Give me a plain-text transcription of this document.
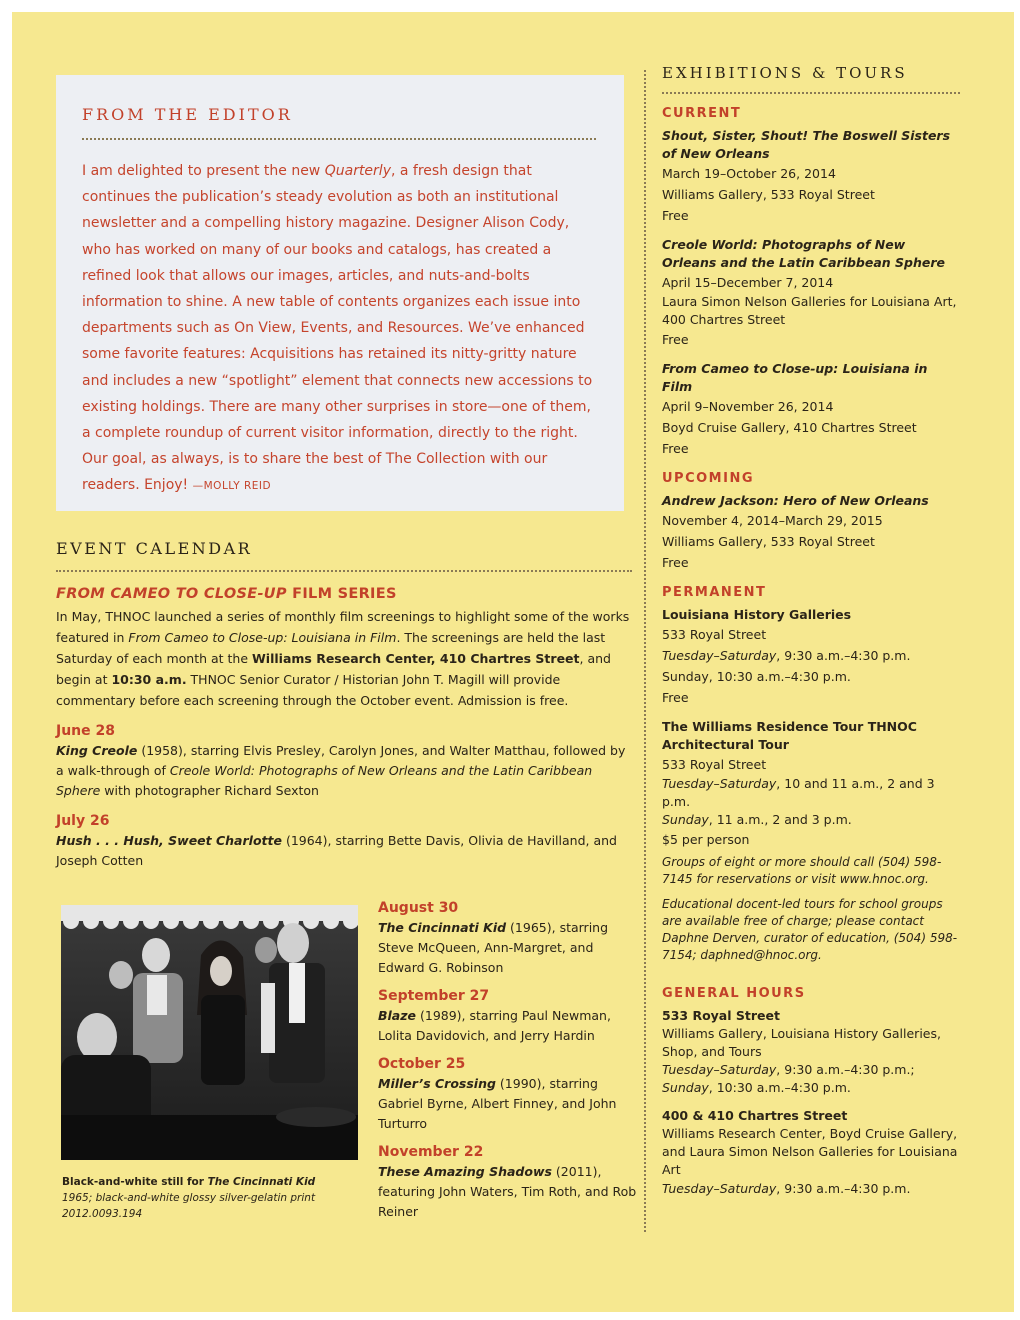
FROM THE EDITOR

I am delighted to present the new Quarterly, a fresh design that continues the publication’s steady evolution as both an institutional newsletter and a compelling history magazine. Designer Alison Cody, who has worked on many of our books and catalogs, has created a refined look that allows our images, articles, and nuts-and-bolts information to shine. A new table of contents organizes each issue into departments such as On View, Events, and Resources. We’ve enhanced some favorite features: Acquisitions has retained its nitty-gritty nature and includes a new “spotlight” element that connects new accessions to existing holdings. There are many other surprises in store—one of them, a complete roundup of current visitor information, directly to the right. Our goal, as always, is to share the best of The Collection with our readers. Enjoy! —MOLLY REID

EVENT CALENDAR
FROM CAMEO TO CLOSE-UP FILM SERIES

In May, THNOC launched a series of monthly film screenings to highlight some of the works featured in From Cameo to Close-up: Louisiana in Film. The screenings are held the last Saturday of each month at the Williams Research Center, 410 Chartres Street, and begin at 10:30 a.m. THNOC Senior Curator / Historian John T. Magill will provide commentary before each screening through the October event. Admission is free.

June 28

King Creole (1958), starring Elvis Presley, Carolyn Jones, and Walter Matthau, followed by a walk-through of Creole World: Photographs of New Orleans and the Latin Caribbean Sphere with photographer Richard Sexton

July 26

Hush . . . Hush, Sweet Charlotte (1964), starring Bette Davis, Olivia de Havilland, and Joseph Cotten

Black-and-white still for The Cincinnati Kid
1965; black-and-white glossy silver-gelatin print
2012.0093.194
August 30

The Cincinnati Kid (1965), starring Steve McQueen, Ann-Margret, and Edward G. Robinson

September 27

Blaze (1989), starring Paul Newman, Lolita Davidovich, and Jerry Hardin

October 25

Miller’s Crossing (1990), starring Gabriel Byrne, Albert Finney, and John Turturro

November 22

These Amazing Shadows (2011), featuring John Waters, Tim Roth, and Rob Reiner

EXHIBITIONS & TOURS
CURRENT

Shout, Sister, Shout! The Boswell Sisters of New Orleans

March 19–October 26, 2014

Williams Gallery, 533 Royal Street

Free

Creole World: Photographs of New Orleans and the Latin Caribbean Sphere

April 15–December 7, 2014

Laura Simon Nelson Galleries for Louisiana Art, 400 Chartres Street

Free

From Cameo to Close-up: Louisiana in Film

April 9–November 26, 2014

Boyd Cruise Gallery, 410 Chartres Street

Free

UPCOMING

Andrew Jackson: Hero of New Orleans

November 4, 2014–March 29, 2015

Williams Gallery, 533 Royal Street

Free

PERMANENT

Louisiana History Galleries

533 Royal Street

Tuesday–Saturday, 9:30 a.m.–4:30 p.m.

Sunday, 10:30 a.m.–4:30 p.m.

Free

The Williams Residence Tour THNOC Architectural Tour

533 Royal Street

Tuesday–Saturday, 10 and 11 a.m., 2 and 3 p.m.

Sunday, 11 a.m., 2 and 3 p.m.

$5 per person

Groups of eight or more should call (504) 598-7145 for reservations or visit www.hnoc.org.

Educational docent-led tours for school groups are available free of charge; please contact Daphne Derven, curator of education, (504) 598-7154; daphned@hnoc.org.

GENERAL HOURS

533 Royal Street

Williams Gallery, Louisiana History Galleries, Shop, and Tours

Tuesday–Saturday, 9:30 a.m.–4:30 p.m.;

Sunday, 10:30 a.m.–4:30 p.m.

400 & 410 Chartres Street

Williams Research Center, Boyd Cruise Gallery, and Laura Simon Nelson Galleries for Louisiana Art

Tuesday–Saturday, 9:30 a.m.–4:30 p.m.
